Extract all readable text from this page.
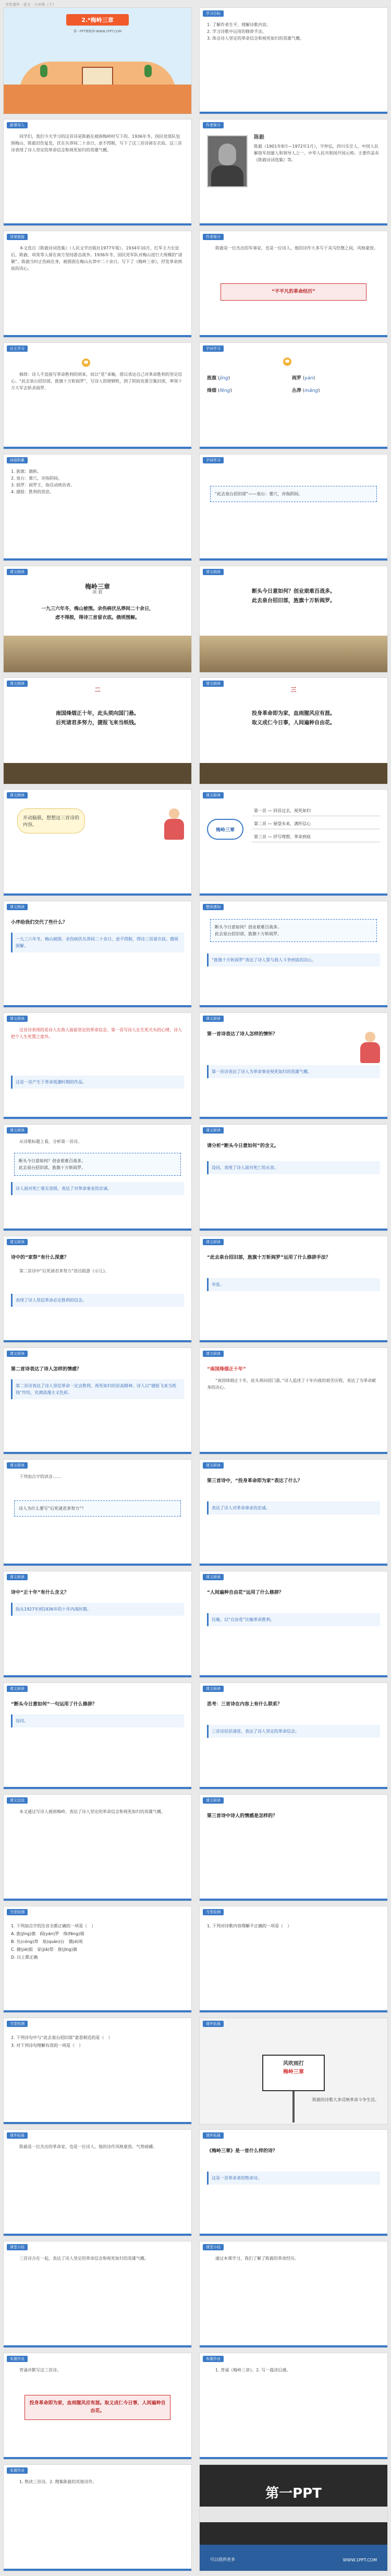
学优课件 · 语文 · 九年级（下）
2.*梅岭三章
第一PPT模板网-WWW.1PPT.COM
新课导入

同学们，我们今天学习的这首诗是陈毅在被困梅岭时写下的。1936年冬，国民党部队包围梅山，陈毅旧伤复发，伏在丛莽间二十余日，虑不得脱，写下了这三首诗留在衣底。这三首诗表现了诗人坚定的革命信念和视死如归的英雄气概。

背景链接

本文选自《陈毅诗词选集》（人民文学出版社1977年版）。1934年10月，红军主力长征后，陈毅、项英等人留在南方坚持游击战争。1936年冬，国民党军队对梅山进行大规模的“清剿”。陈毅当时正伤病在身，被围困在梅山丛莽中二十余日，写下了《梅岭三章》，抒发革命到底的决心。

自主学习

修辞：诗人不直接写革命胜利的到来，而以“花”来喻，借以表达自己对革命胜利的坚定信心。“此去泉台招旧部，旌旗十万斩阎罗”，写诗人即使牺牲，到了阴间也要召集旧部，率领十万大军去斩杀阎罗。

词语积累
1. 旌旗：旗帜。
2. 泉台：墓穴，亦指阴间。
3. 阎罗：阎罗王，指反动统治者。
4. 捷报：胜利的消息。
课文朗读
梅岭三章
陈 毅
一九三六年冬，梅山被围。余伤病伏丛莽间二十余日，虑不得脱，得诗三首留衣底。俄顷围解。
课文朗读
二
南国烽烟正十年，此头须向国门悬。
后死诸君多努力，捷报飞来当纸钱。
课文朗读
开动脑筋，想想这三首诗的内容。
课文朗读
小序给我们交代了些什么？
一九三六年冬，梅山被围。余伤病伏丛莽间二十余日，虑不得脱，得诗三首留衣底。俄顷围解。
课文研读

这首诗表现的是诗人在敌人面前坚定的革命信念。第一首写诗人在生死关头的心情，诗人把个人生死置之度外。

这是一首产生于革命低潮时期的作品。
课文研读

从诗歌标题上看，分析第一首诗。

断头今日意如何？创业艰难百战多。
此去泉台招旧部，旌旗十万斩阎罗。
诗人面对死亡毫无畏惧，表达了对革命事业的忠诚。
课文研读
诗中的“家祭”有什么深意？

第二首诗中“后死诸君多努力”语出陆游《示儿》。

表现了诗人坚信革命必定胜利的信念。
课文研读
第二首诗表达了诗人怎样的情感？
第二首诗表达了诗人坚信革命一定会胜利、视死如归的崇高精神。诗人以“捷报飞来当纸钱”作结，充满浪漫主义色彩。
课文研读

下列加点字的读音……

诗人为什么要写“后死诸君多努力”？
课文研读
诗中“正十年”有什么含义？
指从1927年到1936年的十年内战时期。
课文研读
“断头今日意如何”一句运用了什么修辞？
设问。
课文总结

本文通过写诗人被困梅岭，表达了诗人坚定的革命信念和视死如归的英雄气概。

当堂检测
1. 下列加点字的注音全都正确的一项是（　）
A. 旌(jīng)旗　阎(yán)罗　烽(fēng)烟
B. 丛(cóng)莽　泉(quán)台　俄(é)顷
C. 捷(jié)报　家(jiā)祭　旌(jīng)旗
D. 以上都正确
当堂检测
2. 下列诗句中与“此去泉台招旧部”意思相近的是（　）
3. 对下列诗句理解有误的一项是（　）
课外拓展

陈毅是一位杰出的革命家，也是一位诗人。他的诗作风格豪放，气势磅礴。

课堂小结

三首诗合在一起，表达了诗人坚定的革命信念和视死如归的英雄气概。

布置作业

背诵并默写这三首诗。

投身革命即为家，血雨腥风应有涯。取义成仁今日事，人间遍种自由花。
布置作业

1. 熟读三首诗。2. 搜集陈毅的其他诗作。

学习目标
1. 了解作者生平，理解诗歌内容。
2. 学习诗歌中运用的修辞手法。
3. 体会诗人坚定的革命信念和视死如归的英雄气概。
作者简介
陈毅
陈毅（1901年8月—1972年1月），字仲弘，四川乐至人。中国人民解放军创建人和领导人之一、中华人民共和国开国元帅。主要作品有《陈毅诗词选集》等。
作者简介

陈毅是一位杰出的军事家，也是一位诗人。他的诗作大多写于戎马倥偬之间，风格豪放。

“不平凡的革命经历”
字词学习
旌旗 (jīng)	阎罗 (yán) 烽烟 (fēng)	丛莽 (mǎng)
字词学习
“此去泉台招旧部”——泉台：墓穴，亦指阴间。
课文朗读
断头今日意如何？创业艰难百战多。
此去泉台招旧部，旌旗十万斩阎罗。
课文朗读
三
投身革命即为家，血雨腥风应有涯。
取义成仁今日事，人间遍种自由花。
课文研读
梅岭三章
第一首 — 回首过去，视死如归
第二首 — 展望未来，满怀信心
第三首 — 抒写理想，革命到底
整体感知
断头今日意如何？创业艰难百战多。
此去泉台招旧部，旌旗十万斩阎罗。
“旌旗十万斩阎罗”表达了诗人誓与敌人斗争到底的决心。
课文研读
第一首诗表达了诗人怎样的情怀？
第一首诗表达了诗人为革命事业视死如归的英雄气概。
课文研读
请分析“断头今日意如何”的含义。
设问，表现了诗人面对死亡的从容。
课文研读
“此去泉台招旧部，旌旗十万斩阎罗”运用了什么修辞手法？
夸张。
课文研读
“南国烽烟正十年”

“南国烽烟正十年，此头须向国门悬。”诗人追述了十年内战的艰苦历程，表达了为革命献身的决心。

课文研读
第三首诗中，“投身革命即为家”表达了什么？
表达了诗人对革命事业的忠诚。
课文研读
“人间遍种自由花”运用了什么修辞？
比喻，以“自由花”比喻革命胜利。
课文研读
思考：三首诗在内容上有什么联系？
三首诗层层递进，表达了诗人坚定的革命信念。
课文研读
第三首诗中诗人的情感是怎样的？
当堂检测
1. 下列对诗歌内容理解不正确的一项是（　）
课外拓展
风吹雨打
梅岭三章

陈毅的诗歌大多反映革命斗争生活。

课外拓展
《梅岭三章》是一首什么样的诗？
这是一首革命者的绝命诗。
课堂小结

通过本课学习，我们了解了陈毅的革命经历。

布置作业

1. 背诵《梅岭三章》。2. 写一篇读后感。

第一PPT
可以提供更多	WWW.1PPT.COM
